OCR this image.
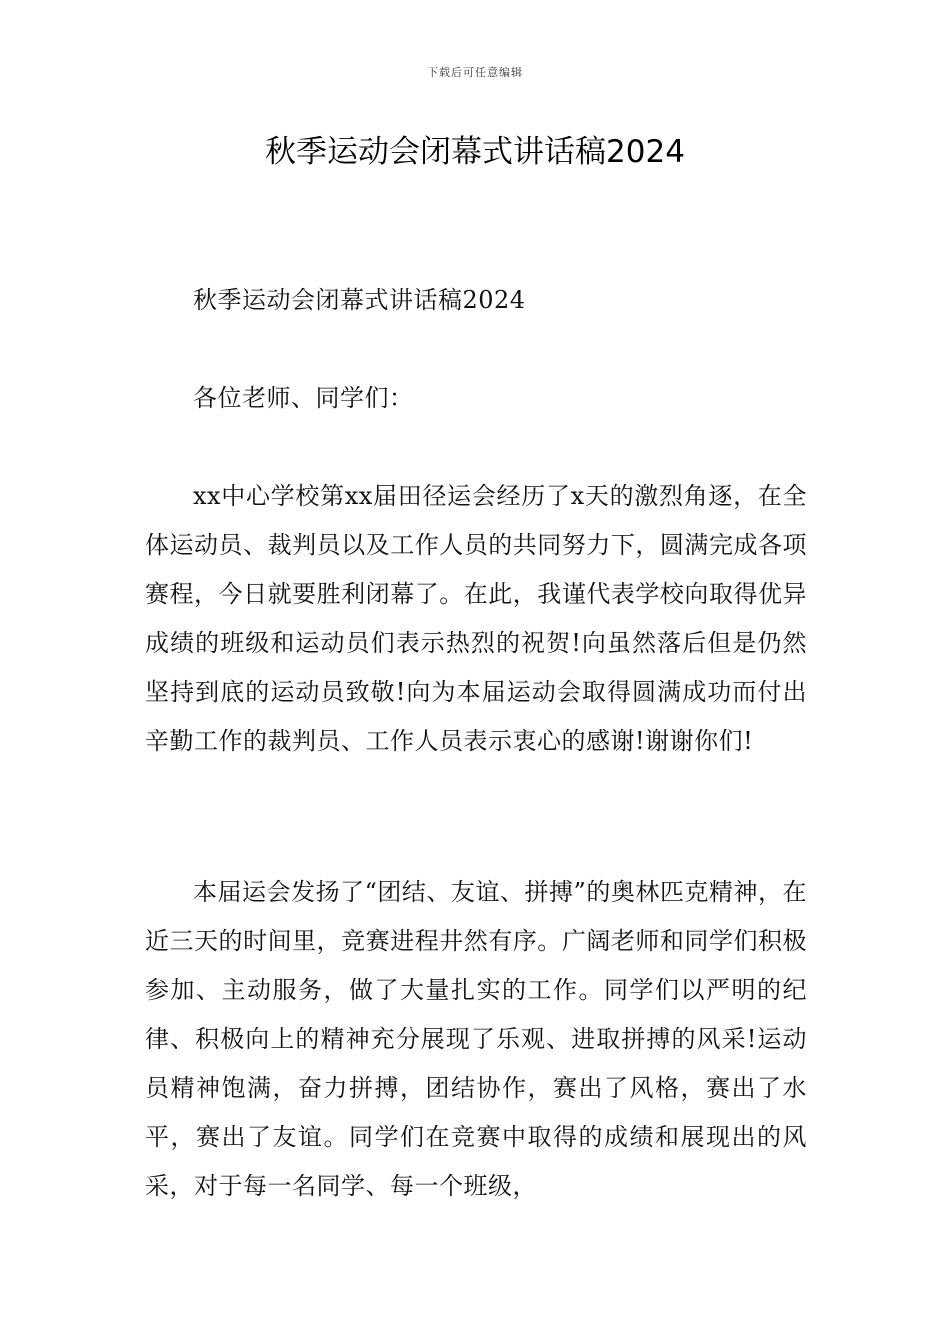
下载后可任意编辑
秋季运动会闭幕式讲话稿2024

秋季运动会闭幕式讲话稿2024

各位老师、同学们：

xx中心学校第xx届田径运会经历了x天的激烈角逐，在全体运动员、裁判员以及工作人员的共同努力下，圆满完成各项赛程，今日就要胜利闭幕了。在此，我谨代表学校向取得优异成绩的班级和运动员们表示热烈的祝贺!向虽然落后但是仍然坚持到底的运动员致敬!向为本届运动会取得圆满成功而付出辛勤工作的裁判员、工作人员表示衷心的感谢!谢谢你们!

本届运会发扬了“团结、友谊、拼搏”的奥林匹克精神，在近三天的时间里，竞赛进程井然有序。广阔老师和同学们积极参加、主动服务，做了大量扎实的工作。同学们以严明的纪律、积极向上的精神充分展现了乐观、进取拼搏的风采!运动员精神饱满，奋力拼搏，团结协作，赛出了风格，赛出了水平，赛出了友谊。同学们在竞赛中取得的成绩和展现出的风采，对于每一名同学、每一个班级，
